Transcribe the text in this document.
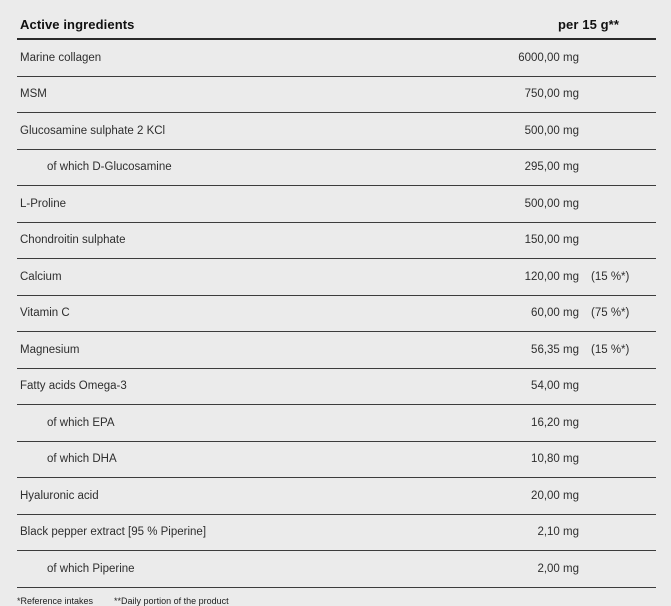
Active ingredients	per 15 g**
Marine collagen	6000,00 mg
MSM	750,00 mg
Glucosamine sulphate 2 KCl	500,00 mg
of which D-Glucosamine	295,00 mg
L-Proline	500,00 mg
Chondroitin sulphate	150,00 mg
Calcium	120,00 mg	(15 %*)
Vitamin C	60,00 mg	(75 %*)
Magnesium	56,35 mg	(15 %*)
Fatty acids Omega-3	54,00 mg
of which EPA	16,20 mg
of which DHA	10,80 mg
Hyaluronic acid	20,00 mg
Black pepper extract [95 % Piperine]	2,10 mg
of which Piperine	2,00 mg
*Reference intakes **Daily portion of the product
